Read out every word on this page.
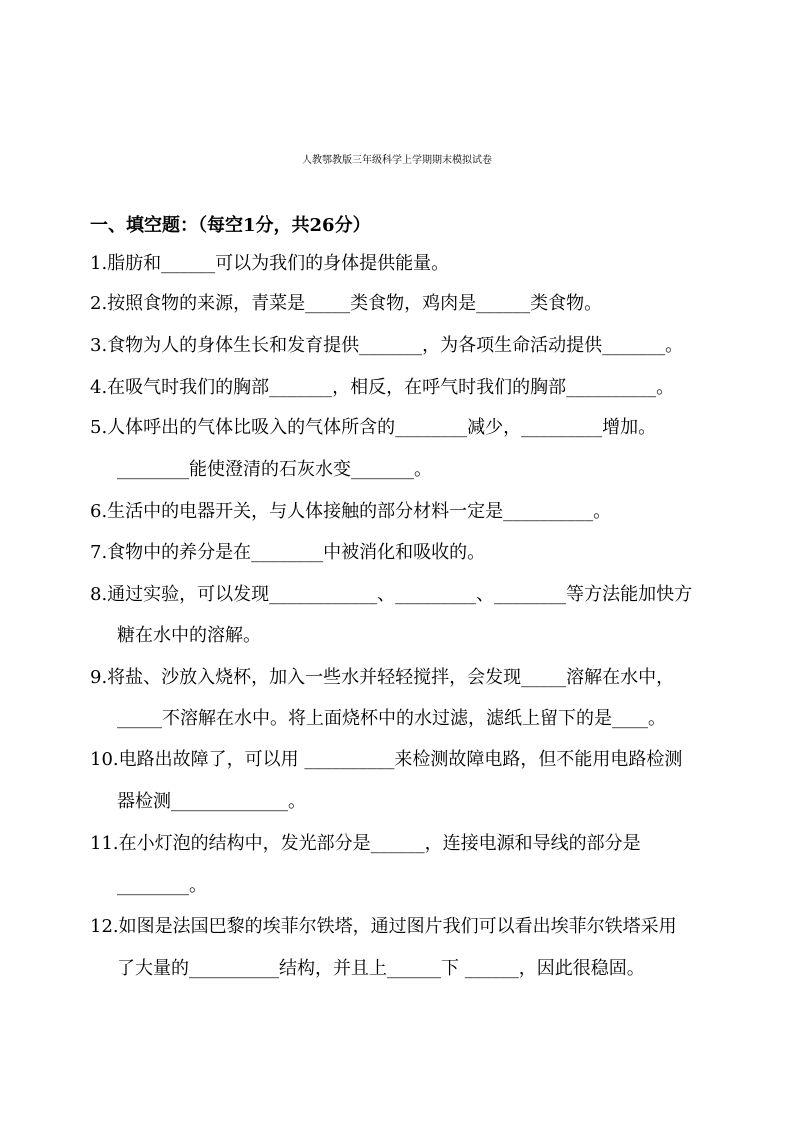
人教鄂教版三年级科学上学期期末模拟试卷
一、填空题：（每空1分，共26分）
1.脂肪和______可以为我们的身体提供能量。
2.按照食物的来源，青菜是_____类食物，鸡肉是______类食物。
3.食物为人的身体生长和发育提供_______，为各项生命活动提供_______。
4.在吸气时我们的胸部_______，相反，在呼气时我们的胸部__________。
5.人体呼出的气体比吸入的气体所含的________减少，_________增加。
________能使澄清的石灰水变_______。
6.生活中的电器开关，与人体接触的部分材料一定是__________。
7.食物中的养分是在________中被消化和吸收的。
8.通过实验，可以发现____________、_________、________等方法能加快方
糖在水中的溶解。
9.将盐、沙放入烧杯，加入一些水并轻轻搅拌，会发现_____溶解在水中，
_____不溶解在水中。将上面烧杯中的水过滤，滤纸上留下的是____。
10.电路出故障了，可以用 __________来检测故障电路，但不能用电路检测
器检测_____________。
11.在小灯泡的结构中，发光部分是______，连接电源和导线的部分是
________。
12.如图是法国巴黎的埃菲尔铁塔，通过图片我们可以看出埃菲尔铁塔采用
了大量的__________结构，并且上______下 ______，因此很稳固。
